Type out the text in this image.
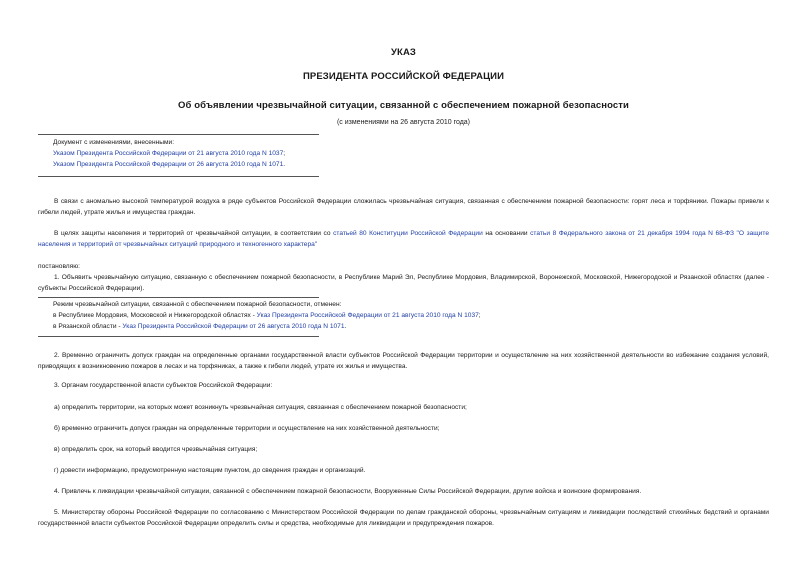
УКАЗ
ПРЕЗИДЕНТА РОССИЙСКОЙ ФЕДЕРАЦИИ
Об объявлении чрезвычайной ситуации, связанной с обеспечением пожарной безопасности
(с изменениями на 26 августа 2010 года)

Документ с изменениями, внесенными:
Указом Президента Российской Федерации от 21 августа 2010 года N 1037;
Указом Президента Российской Федерации от 26 августа 2010 года N 1071.

В связи с аномально высокой температурой воздуха в ряде субъектов Российской Федерации сложилась чрезвычайная ситуация, связанная с обеспечением пожарной безопасности: горят леса и торфяники. Пожары привели к гибели людей, утрате жилья и имущества граждан.

В целях защиты населения и территорий от чрезвычайной ситуации, в соответствии со статьей 80 Конституции Российской Федерации на основании статьи 8 Федерального закона от 21 декабря 1994 года N 68-ФЗ "О защите населения и территорий от чрезвычайных ситуаций природного и техногенного характера"

постановляю:

1. Объявить чрезвычайную ситуацию, связанную с обеспечением пожарной безопасности, в Республике Марий Эл, Республике Мордовия, Владимирской, Воронежской, Московской, Нижегородской и Рязанской областях (далее - субъекты Российской Федерации).

Режим чрезвычайной ситуации, связанной с обеспечением пожарной безопасности, отменен:
в Республике Мордовия, Московской и Нижегородской областях - Указ Президента Российской Федерации от 21 августа 2010 года N 1037;
в Рязанской области - Указ Президента Российской Федерации от 26 августа 2010 года N 1071.

2. Временно ограничить допуск граждан на определенные органами государственной власти субъектов Российской Федерации территории и осуществление на них хозяйственной деятельности во избежание создания условий, приводящих к возникновению пожаров в лесах и на торфяниках, а также к гибели людей, утрате их жилья и имущества.

3. Органам государственной власти субъектов Российской Федерации:

а) определить территории, на которых может возникнуть чрезвычайная ситуация, связанная с обеспечением пожарной безопасности;

б) временно ограничить допуск граждан на определенные территории и осуществление на них хозяйственной деятельности;

в) определить срок, на который вводится чрезвычайная ситуация;

г) довести информацию, предусмотренную настоящим пунктом, до сведения граждан и организаций.

4. Привлечь к ликвидации чрезвычайной ситуации, связанной с обеспечением пожарной безопасности, Вооруженные Силы Российской Федерации, другие войска и воинские формирования.

5. Министерству обороны Российской Федерации по согласованию с Министерством Российской Федерации по делам гражданской обороны, чрезвычайным ситуациям и ликвидации последствий стихийных бедствий и органами государственной власти субъектов Российской Федерации определить силы и средства, необходимые для ликвидации и предупреждения пожаров.
